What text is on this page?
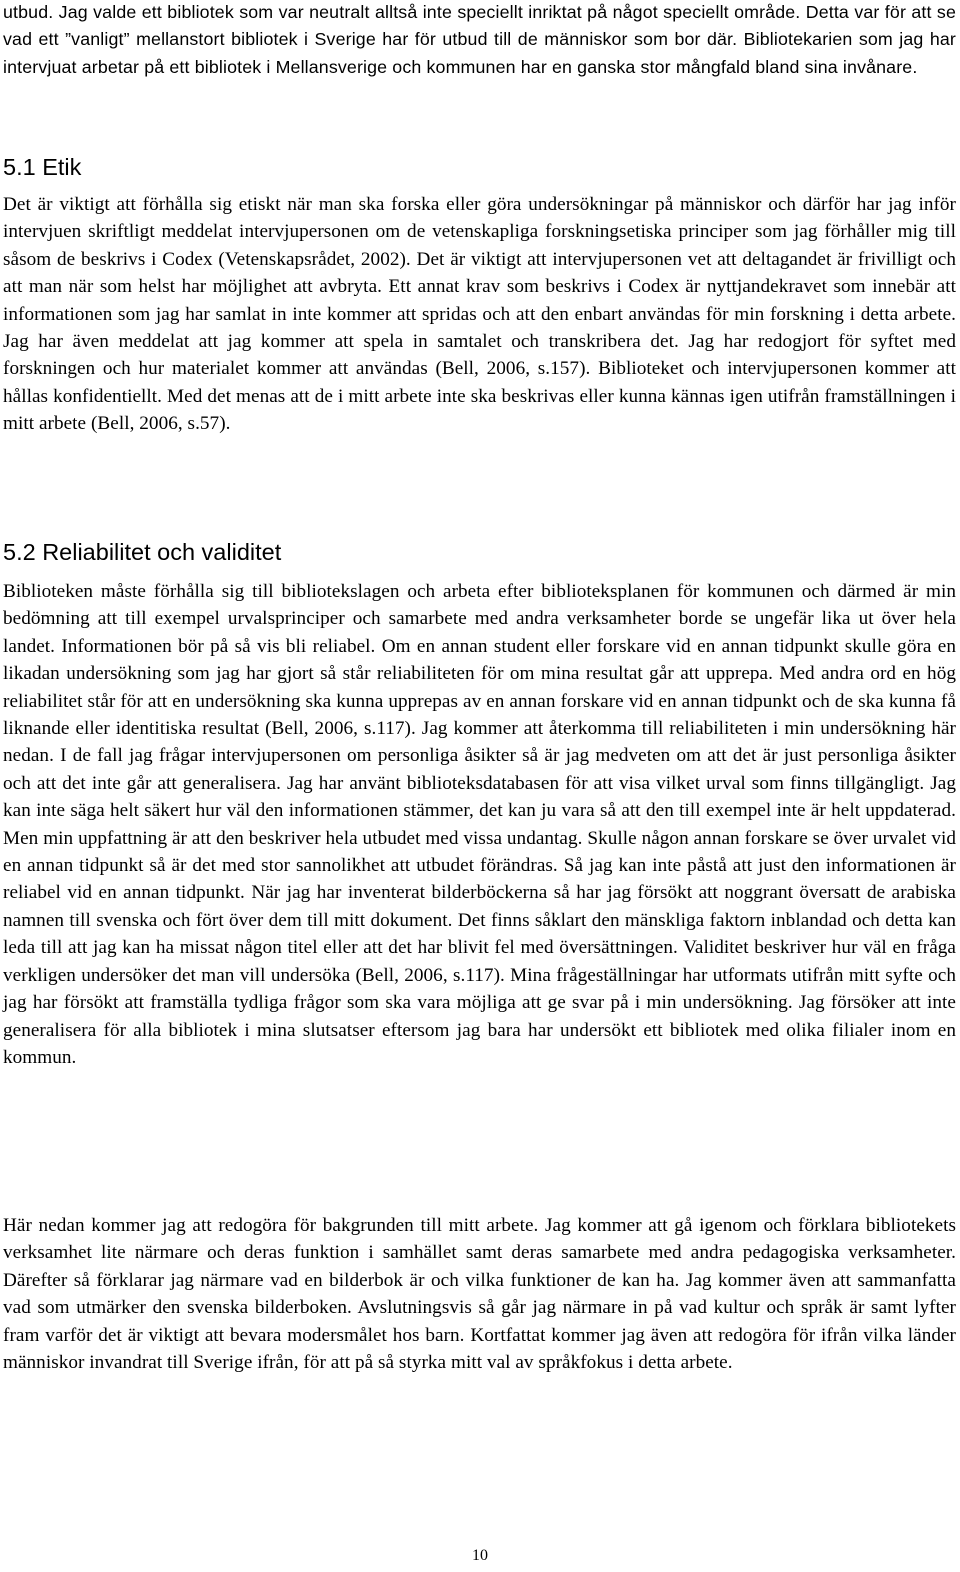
utbud. Jag valde ett bibliotek som var neutralt alltså inte speciellt inriktat på något speciellt område. Detta var för att se vad ett ”vanligt” mellanstort bibliotek i Sverige har för utbud till de människor som bor där. Bibliotekarien som jag har intervjuat arbetar på ett bibliotek i Mellansverige och kommunen har en ganska stor mångfald bland sina invånare.

5.1 Etik

Det är viktigt att förhålla sig etiskt när man ska forska eller göra undersökningar på människor och därför har jag inför intervjuen skriftligt meddelat intervjupersonen om de vetenskapliga forskningsetiska principer som jag förhåller mig till såsom de beskrivs i Codex (Vetenskapsrådet, 2002). Det är viktigt att intervjupersonen vet att deltagandet är frivilligt och att man när som helst har möjlighet att avbryta. Ett annat krav som beskrivs i Codex är nyttjandekravet som innebär att informationen som jag har samlat in inte kommer att spridas och att den enbart användas för min forskning i detta arbete. Jag har även meddelat att jag kommer att spela in samtalet och transkribera det. Jag har redogjort för syftet med forskningen och hur materialet kommer att användas (Bell, 2006, s.157). Biblioteket och intervjupersonen kommer att hållas konfidentiellt. Med det menas att de i mitt arbete inte ska beskrivas eller kunna kännas igen utifrån framställningen i mitt arbete (Bell, 2006, s.57).

5.2 Reliabilitet och validitet

Biblioteken måste förhålla sig till bibliotekslagen och arbeta efter biblioteksplanen för kommunen och därmed är min bedömning att till exempel urvalsprinciper och samarbete med andra verksamheter borde se ungefär lika ut över hela landet. Informationen bör på så vis bli reliabel. Om en annan student eller forskare vid en annan tidpunkt skulle göra en likadan undersökning som jag har gjort så står reliabiliteten för om mina resultat går att upprepa. Med andra ord en hög reliabilitet står för att en undersökning ska kunna upprepas av en annan forskare vid en annan tidpunkt och de ska kunna få liknande eller identitiska resultat (Bell, 2006, s.117). Jag kommer att återkomma till reliabiliteten i min undersökning här nedan. I de fall jag frågar intervjupersonen om personliga åsikter så är jag medveten om att det är just personliga åsikter och att det inte går att generalisera. Jag har använt biblioteksdatabasen för att visa vilket urval som finns tillgängligt. Jag kan inte säga helt säkert hur väl den informationen stämmer, det kan ju vara så att den till exempel inte är helt uppdaterad. Men min uppfattning är att den beskriver hela utbudet med vissa undantag. Skulle någon annan forskare se över urvalet vid en annan tidpunkt så är det med stor sannolikhet att utbudet förändras. Så jag kan inte påstå att just den informationen är reliabel vid en annan tidpunkt. När jag har inventerat bilderböckerna så har jag försökt att noggrant översatt de arabiska namnen till svenska och fört över dem till mitt dokument. Det finns såklart den mänskliga faktorn inblandad och detta kan leda till att jag kan ha missat någon titel eller att det har blivit fel med översättningen. Validitet beskriver hur väl en fråga verkligen undersöker det man vill undersöka (Bell, 2006, s.117). Mina frågeställningar har utformats utifrån mitt syfte och jag har försökt att framställa tydliga frågor som ska vara möjliga att ge svar på i min undersökning. Jag försöker att inte generalisera för alla bibliotek i mina slutsatser eftersom jag bara har undersökt ett bibliotek med olika filialer inom en kommun.

Här nedan kommer jag att redogöra för bakgrunden till mitt arbete. Jag kommer att gå igenom och förklara bibliotekets verksamhet lite närmare och deras funktion i samhället samt deras samarbete med andra pedagogiska verksamheter. Därefter så förklarar jag närmare vad en bilderbok är och vilka funktioner de kan ha. Jag kommer även att sammanfatta vad som utmärker den svenska bilderboken. Avslutningsvis så går jag närmare in på vad kultur och språk är samt lyfter fram varför det är viktigt att bevara modersmålet hos barn. Kortfattat kommer jag även att redogöra för ifrån vilka länder människor invandrat till Sverige ifrån, för att på så styrka mitt val av språkfokus i detta arbete.

10
